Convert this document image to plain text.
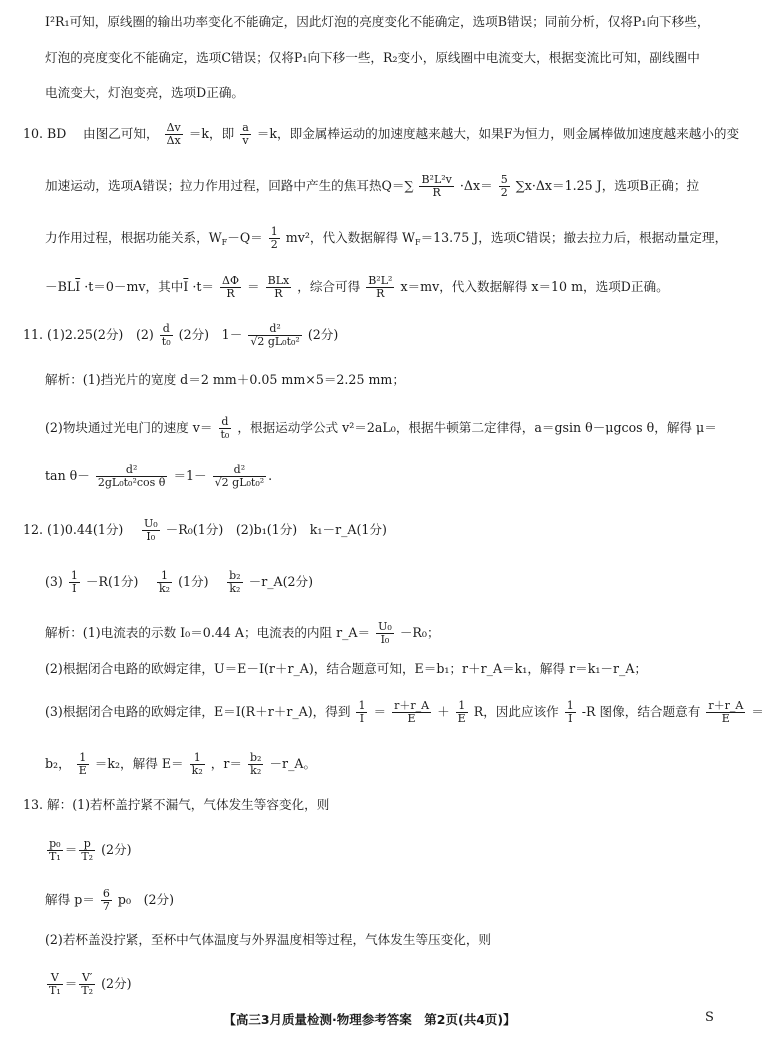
I²R₁可知，原线圈的输出功率变化不能确定，因此灯泡的亮度变化不能确定，选项B错误；同前分析，仅将P₁向下移些，
灯泡的亮度变化不能确定，选项C错误；仅将P₁向下移一些，R₂变小，原线圈中电流变大，根据变流比可知，副线圈中
电流变大，灯泡变亮，选项D正确。
10. BD　 由图乙可知， $\frac{\Delta v}{\Delta x} =k$，即 $\frac{a}{v} =k$，即金属棒运动的加速度越来越大，如果F为恒力，则金属棒做加速度越来越小的变
加速运动，选项A错误；拉力作用过程，回路中产生的焦耳热$Q=\sum \frac{\text{B²L²v}}{R} \cdot\Delta x= \frac{5}{2} \sum x\cdot\Delta x=1.25$ J，选项B正确；拉
力作用过程，根据功能关系，$W_F-Q= \frac{1}{2} mv^2$，代入数据解得 $W_F=13.75$ J，选项C错误；撤去拉力后，根据动量定理，
$-BL\overline{I} \cdot t=0-mv$，其中$\overline{I} \cdot t= \frac{\Delta\Phi}{R} = \frac{\text{BLx}}{R}$ ，综合可得 $\frac{\text{B²L²}}{R} x=mv$，代入数据解得 x＝10 m，选项D正确。
11. (1)2.25(2分)　$(2) \frac{d}{\text{t₀}} (2$分)　$1- \frac{\text{d²}}{\text{√2 gL₀t₀²}} (2$分)
解析：(1)挡光片的宽度 d＝2 mm＋0.05 mm×5＝2.25 mm；
(2)物块通过光电门的速度 $v= \frac{d}{\text{t₀}}$ ，根据运动学公式 v²＝2aL₀，根据牛顿第二定律得，a＝gsin θ－μgcos θ，解得 μ＝
$\tan \theta- \frac{\text{d²}}{\text{2gL₀t₀²cos θ}} =1- \frac{\text{d²}}{\text{√2 gL₀t₀²}}$ .
12. (1)0.44(1分)　 $\frac{\text{U₀}}{\text{I₀}} -R_0(1$分)　(2)b₁(1分)　k₁－r_A(1分)
$(3) \frac{1}{I} -R(1$分)　 $\frac{1}{\text{k₂}} (1$分)　 $\frac{\text{b₂}}{\text{k₂}}$ －r_A(2分)
解析：(1)电流表的示数 I₀＝0.44 A；电流表的内阻 r_A＝ $\frac{\text{U₀}}{\text{I₀}} -R_0$；
(2)根据闭合电路的欧姆定律，U＝E－I(r＋r_A)，结合题意可知，E＝b₁；r＋r_A＝k₁，解得 r＝k₁－r_A；
(3)根据闭合电路的欧姆定律，E＝I(R＋r＋r_A)，得到 $\frac{1}{I} = \frac{r+r\_A}{E} + \frac{1}{E}$ R，因此应该作 $\frac{1}{I} -R$ 图像，结合题意有 $\frac{r+r\_A}{E}$ ＝
b₂， $\frac{1}{E} =k_2$，解得 $E= \frac{1}{\text{k₂}}$ ，$r= \frac{\text{b₂}}{\text{k₂}}$ －r_A。
13. 解：(1)若杯盖拧紧不漏气，气体发生等容变化，则
$\frac{\text{p₀}}{\text{T₁}} = \frac{p}{\text{T₂}} (2$分)
解得 $p= \frac{6}{7} p_0$　(2分)
(2)若杯盖没拧紧，至杯中气体温度与外界温度相等过程，气体发生等压变化，则
$\frac{V}{\text{T₁}} = \frac{V'}{\text{T₂}} (2$分)
【高三3月质量检测·物理参考答案　第2页(共4页)】	S
